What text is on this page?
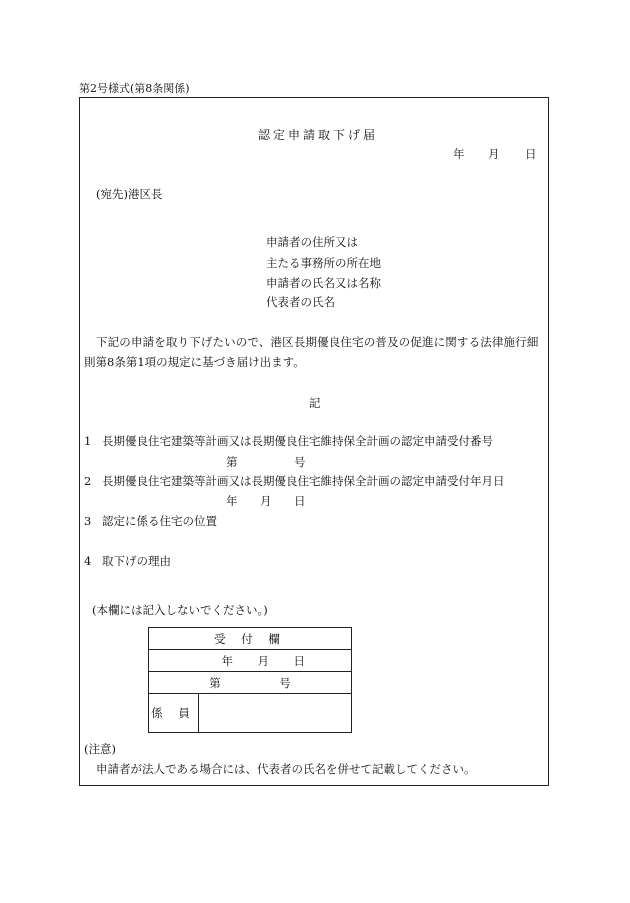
第2号様式(第8条関係)
認定申請取下げ届
年 月 日
(宛先)港区長
申請者の住所又は
主たる事務所の所在地
申請者の氏名又は名称
代表者の氏名
下記の申請を取り下げたいので、港区長期優良住宅の普及の促進に関する法律施行細
則第8条第1項の規定に基づき届け出ます。
記
1 長期優良住宅建築等計画又は長期優良住宅維持保全計画の認定申請受付番号
第	号
2 長期優良住宅建築等計画又は長期優良住宅維持保全計画の認定申請受付年月日
年 月 日
3 認定に係る住宅の位置
4 取下げの理由
(本欄には記入しないでください。)
受 付 欄
年 月 日
第	号
係 員	
(注意)
申請者が法人である場合には、代表者の氏名を併せて記載してください。
